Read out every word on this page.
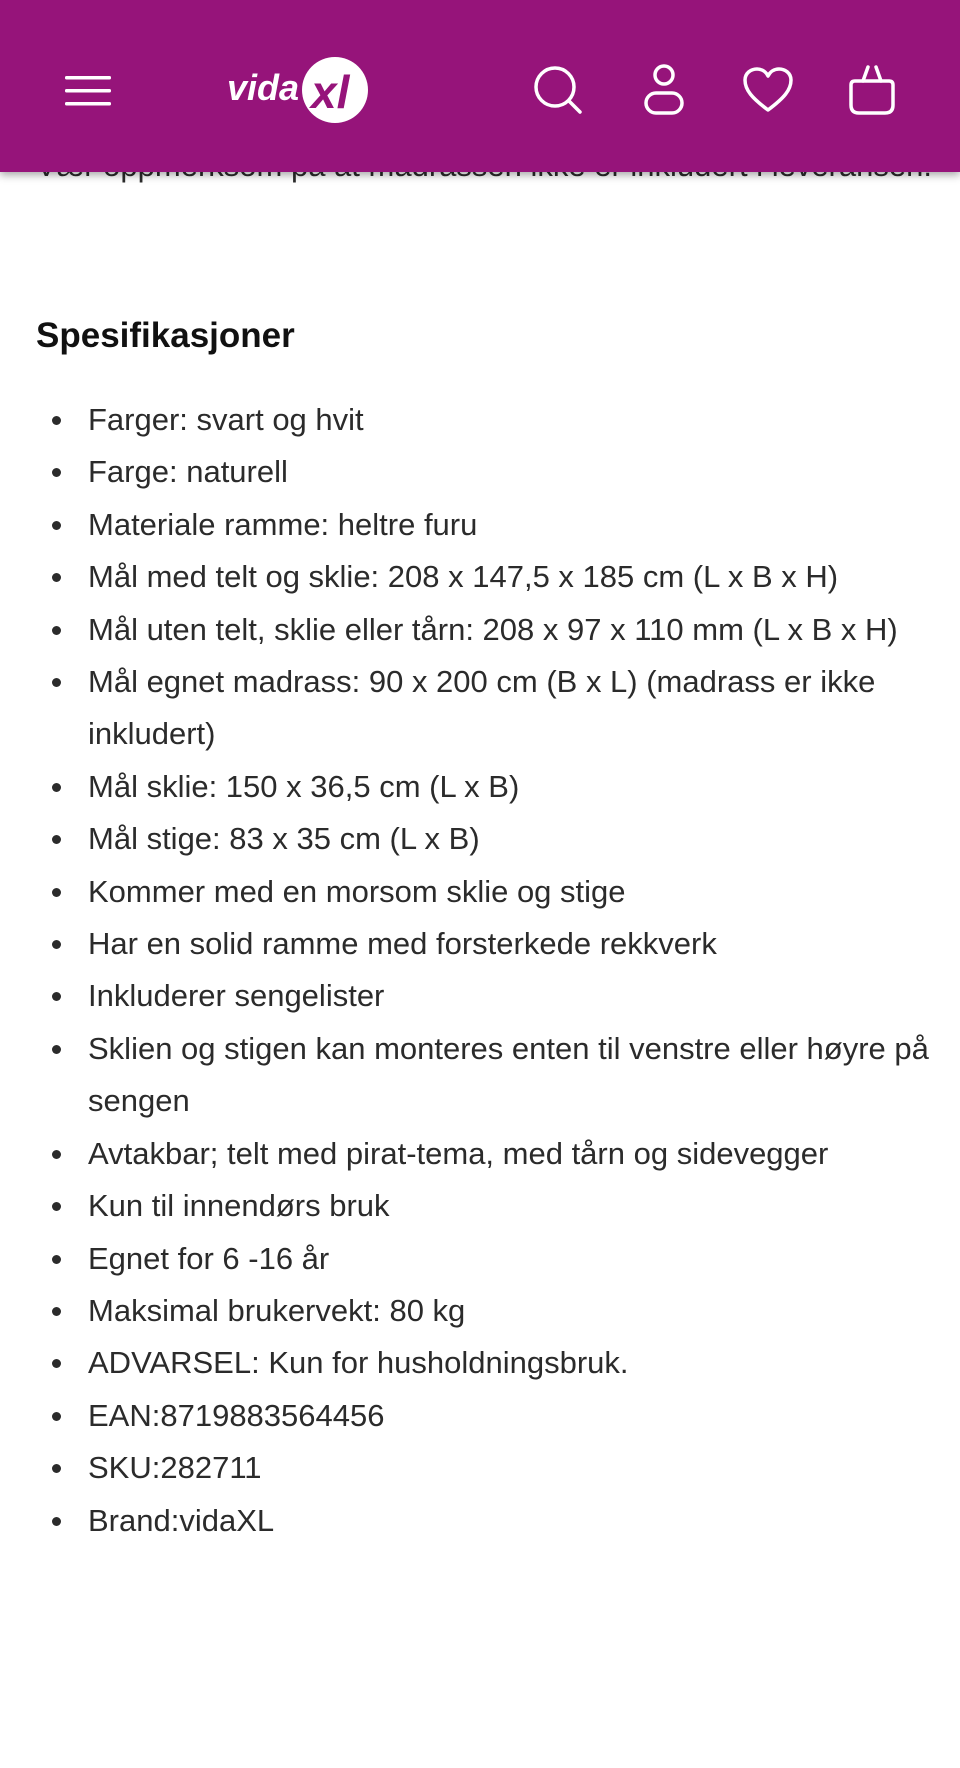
vida xl

Spesifikasjoner
Farger: svart og hvit
Farge: naturell
Materiale ramme: heltre furu
Mål med telt og sklie: 208 x 147,5 x 185 cm (L x B x H)
Mål uten telt, sklie eller tårn: 208 x 97 x 110 mm (L x B x H)
Mål egnet madrass: 90 x 200 cm (B x L) (madrass er ikke inkludert)
Mål sklie: 150 x 36,5 cm (L x B)
Mål stige: 83 x 35 cm (L x B)
Kommer med en morsom sklie og stige
Har en solid ramme med forsterkede rekkverk
Inkluderer sengelister
Sklien og stigen kan monteres enten til venstre eller høyre på sengen
Avtakbar; telt med pirat-tema, med tårn og sidevegger
Kun til innendørs bruk
Egnet for 6 -16 år
Maksimal brukervekt: 80 kg
ADVARSEL: Kun for husholdningsbruk.
EAN:8719883564456
SKU:282711
Brand:vidaXL
